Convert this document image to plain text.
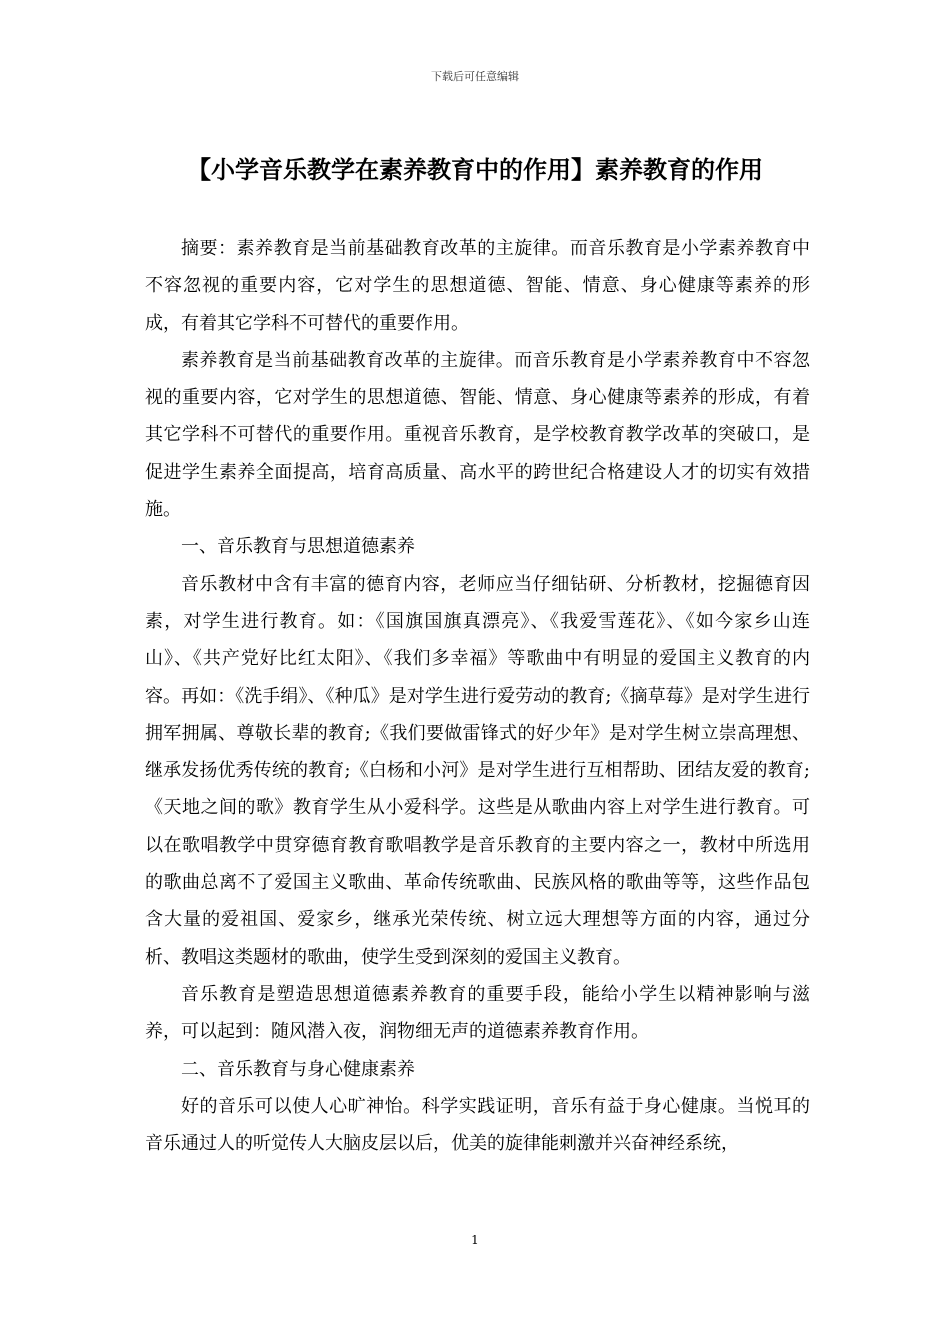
下载后可任意编辑
【小学音乐教学在素养教育中的作用】素养教育的作用

摘要：素养教育是当前基础教育改革的主旋律。而音乐教育是小学素养教育中不容忽视的重要内容，它对学生的思想道德、智能、情意、身心健康等素养的形成，有着其它学科不可替代的重要作用。

素养教育是当前基础教育改革的主旋律。而音乐教育是小学素养教育中不容忽视的重要内容，它对学生的思想道德、智能、情意、身心健康等素养的形成，有着其它学科不可替代的重要作用。重视音乐教育，是学校教育教学改革的突破口，是促进学生素养全面提高，培育高质量、高水平的跨世纪合格建设人才的切实有效措施。

一、音乐教育与思想道德素养

音乐教材中含有丰富的德育内容，老师应当仔细钻研、分析教材，挖掘德育因素，对学生进行教育。如：《国旗国旗真漂亮》、《我爱雪莲花》、《如今家乡山连山》、《共产党好比红太阳》、《我们多幸福》等歌曲中有明显的爱国主义教育的内容。再如：《洗手绢》、《种瓜》是对学生进行爱劳动的教育;《摘草莓》是对学生进行拥军拥属、尊敬长辈的教育;《我们要做雷锋式的好少年》是对学生树立崇高理想、继承发扬优秀传统的教育;《白杨和小河》是对学生进行互相帮助、团结友爱的教育;《天地之间的歌》教育学生从小爱科学。这些是从歌曲内容上对学生进行教育。可以在歌唱教学中贯穿德育教育歌唱教学是音乐教育的主要内容之一，教材中所选用的歌曲总离不了爱国主义歌曲、革命传统歌曲、民族风格的歌曲等等，这些作品包含大量的爱祖国、爱家乡，继承光荣传统、树立远大理想等方面的内容，通过分析、教唱这类题材的歌曲，使学生受到深刻的爱国主义教育。

音乐教育是塑造思想道德素养教育的重要手段，能给小学生以精神影响与滋养，可以起到：随风潜入夜，润物细无声的道德素养教育作用。

二、音乐教育与身心健康素养

好的音乐可以使人心旷神怡。科学实践证明，音乐有益于身心健康。当悦耳的音乐通过人的听觉传人大脑皮层以后，优美的旋律能刺激并兴奋神经系统，

1
